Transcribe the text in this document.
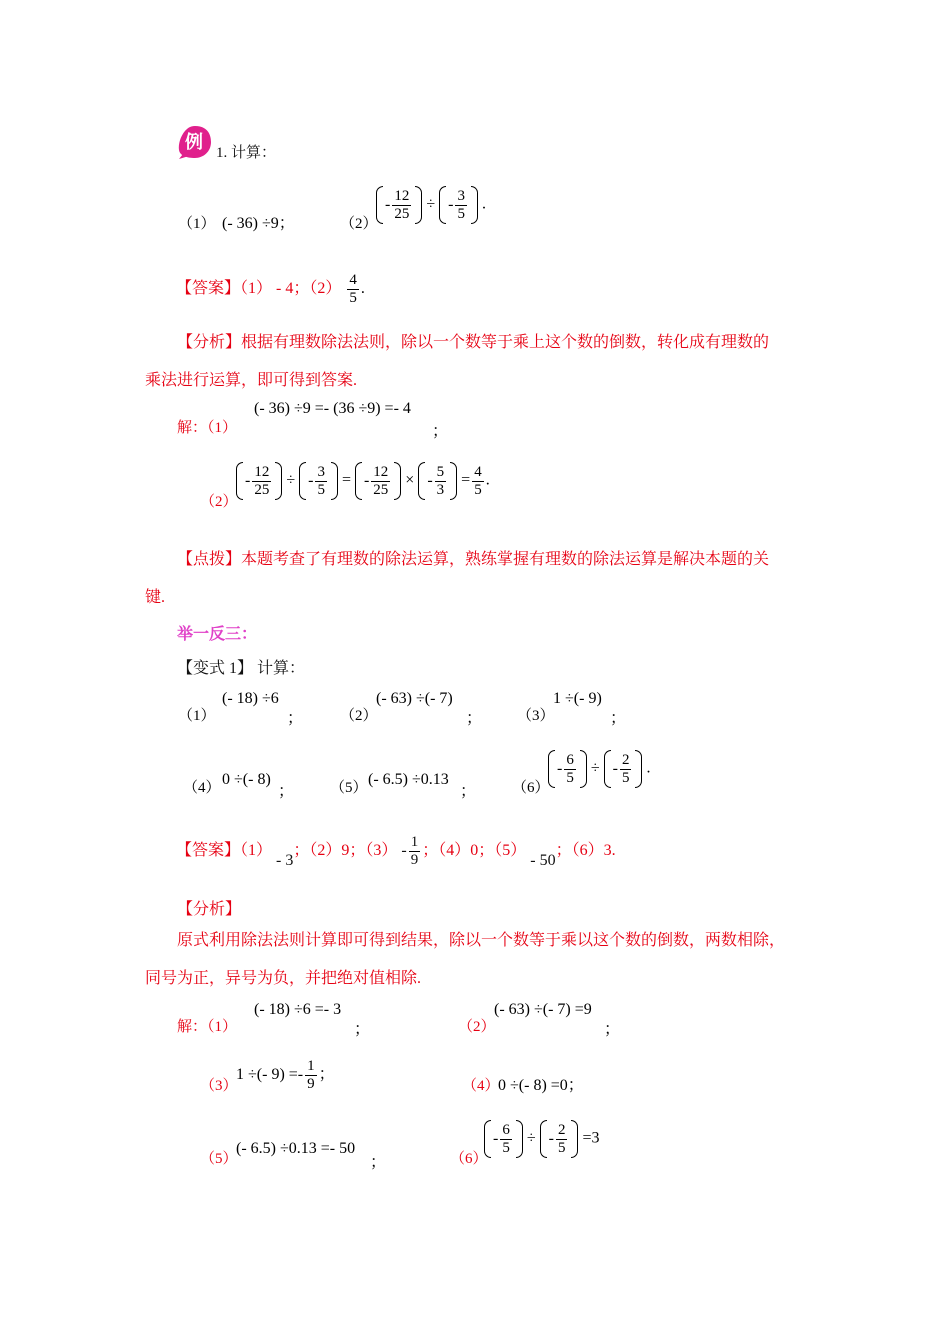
例 1. 计算：
（1） (- 36) ÷9；	（2）
- $\frac{12}{25}$ ÷ - $\frac{3}{5}$ .
【答案】（1） - 4；$(2) \frac{4}{5}$ .
【分析】根据有理数除法法则，除以一个数等于乘上这个数的倒数，转化成有理数的
乘法进行运算，即可得到答案.
解：（1）
(- 36) ÷9 =- (36 ÷9) =- 4
；
（2）
- $\frac{12}{25}$ ÷ - $\frac{3}{5}$ = - $\frac{12}{25}$ × - $\frac{5}{3} = \frac{4}{5}$ .
【点拨】本题考查了有理数的除法运算，熟练掌握有理数的除法运算是解决本题的关
键.
举一反三：
【变式 1】 计算：
（1）
(- 18) ÷6
； （2）
(- 63) ÷(- 7)
； （3）
1 ÷(- 9)
；
（4） 0 ÷(- 8)
； （5） (- 6.5) ÷0.13
； （6）
- $\frac{6}{5}$ ÷ - $\frac{2}{5}$ .
【答案】（1） - 3；（2）9；$(3) - \frac{1}{9}$ ；（4）0；（5） - 50；（6）3.
【分析】
原式利用除法法则计算即可得到结果，除以一个数等于乘以这个数的倒数，两数相除，
同号为正，异号为负，并把绝对值相除.
解：（1）
(- 18) ÷6 =- 3
；	（2）
(- 63) ÷(- 7) =9
；
（3）
1 ÷(- $9) =- \frac{1}{9}$ ；
（4）
0 ÷(- 8) =0；
（5）
(- 6.5) ÷0.13 =- 50
；	（6）
- $\frac{6}{5}$ ÷ - $\frac{2}{5} =3$
